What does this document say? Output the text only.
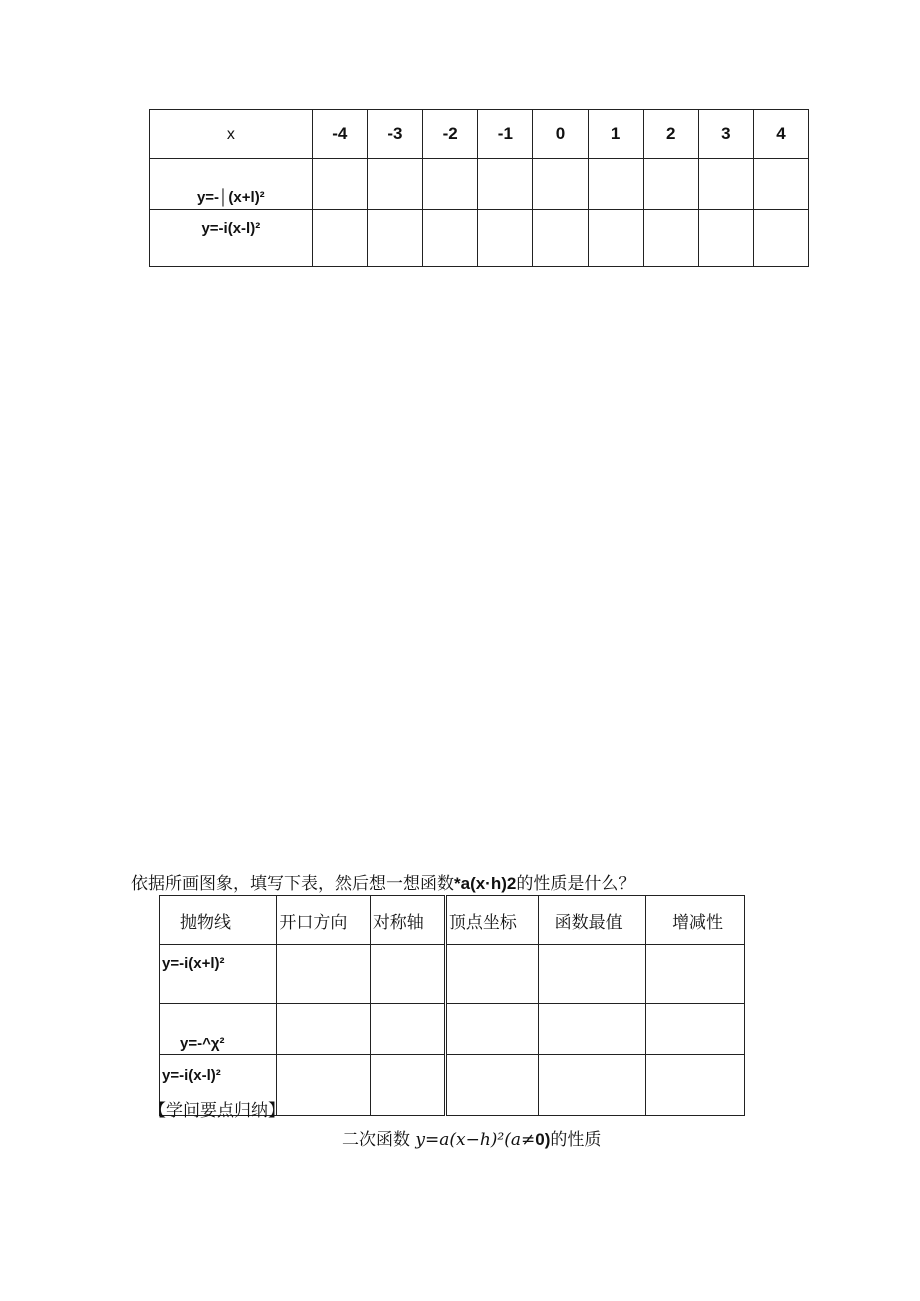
x	-4	-3	-2	-1	0	1	2	3	4
y=-│(x+l)²									
y=-i(x-l)²									
依据所画图象，填写下表，然后想一想函数*a(x·h)2的性质是什么？
抛物线	开口方向	对称轴	顶点坐标	函数最值	增减性
y=-i(x+l)²					
y=-^χ²					
y=-i(x-l)²					
【学问要点归纳】
二次函数 y=a(x−h)²(a≠0)的性质
